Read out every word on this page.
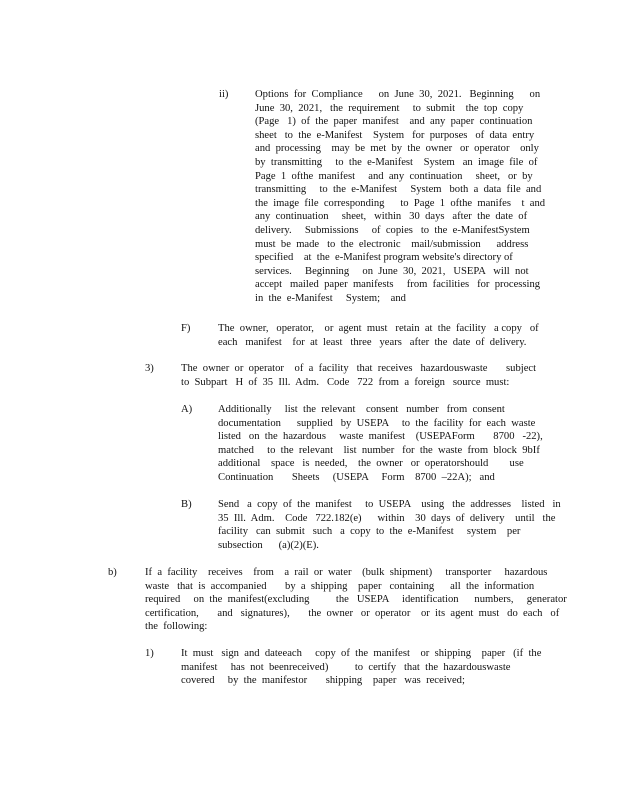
ii)	Options  for  Compliance      on  June  30,  2021.   Beginning      on
June  30,  2021,   the  requirement     to  submit    the  top  copy
(Page   1)  of  the  paper  manifest    and  any  paper  continuation
sheet   to  the  e-Manifest    System   for  purposes   of  data  entry
and  processing    may  be  met  by  the  owner   or  operator    only
by  transmitting     to  the  e-Manifest    System   an  image  file  of
Page  1  ofthe  manifest     and  any  continuation     sheet,   or  by
transmitting     to  the  e-Manifest     System   both  a  data  file  and
the  image  file  corresponding      to  Page  1  ofthe  manifes    t  and
any  continuation     sheet,   within   30  days   after  the  date  of
delivery.     Submissions     of  copies   to  the  e-ManifestSystem
must  be  made   to  the  electronic    mail/submission      address
specified    at  the  e-Manifest program website's directory of
services.     Beginning     on  June  30,  2021,   USEPA   will  not
accept   mailed  paper  manifests     from  facilities   for  processing
in  the  e-Manifest     System;    and
F)	The  owner,   operator,    or  agent  must   retain  at  the  facility   a copy   of
each   manifest    for  at  least   three   years   after  the  date  of  delivery.
3)	The  owner  or  operator    of  a  facility   that  receives   hazardouswaste       subject
to  Subpart   H  of  35  Ill.  Adm.   Code   722  from  a  foreign   source  must:
A) Additionally     list  the  relevant    consent   number   from  consent
documentation      supplied   by  USEPA     to  the  facility  for  each  waste
listed   on  the  hazardous     waste  manifest    (USEPAForm       8700   -22),
matched     to  the  relevant    list  number   for  the  waste  from  block  9bIf
additional    space   is  needed,    the  owner   or  operatorshould        use
Continuation       Sheets     (USEPA     Form    8700  –22A);   and
B) Send   a  copy  of  the  manifest     to  USEPA    using   the  addresses    listed   in
35  Ill.  Adm.    Code   722.182(e)      within    30  days  of  delivery    until   the
facility   can  submit   such   a  copy  to  the  e-Manifest     system    per
subsection      (a)(2)(E).
b)	If  a  facility    receives    from    a  rail  or  water    (bulk  shipment)     transporter     hazardous
waste   that  is  accompanied       by  a  shipping    paper   containing      all  the  information
required     on  the  manifest(excluding          the   USEPA     identification      numbers,     generator
certification,       and   signatures),       the  owner   or  operator    or  its  agent  must   do  each   of
the  following:
1)	It  must   sign  and  dateeach     copy  of  the  manifest    or  shipping    paper   (if  the
manifest     has  not  beenreceived)          to  certify   that  the  hazardouswaste
covered     by  the  manifestor       shipping    paper   was  received;
